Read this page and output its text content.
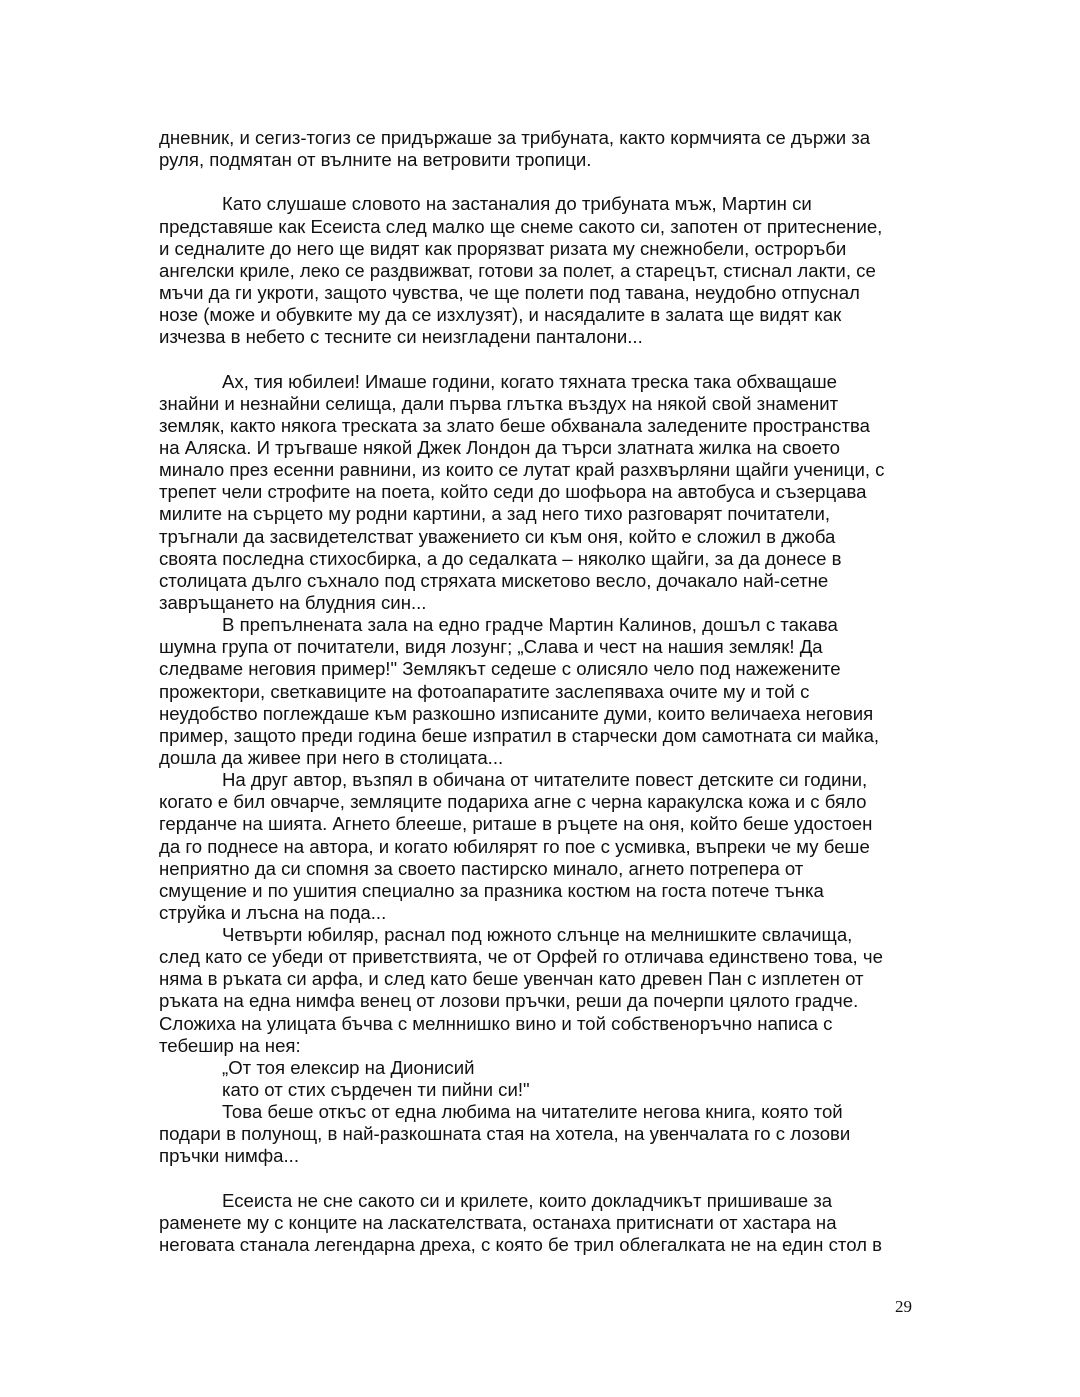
дневник, и сегиз-тогиз се придържаше за трибуната, както кормчията се държи за
руля, подмятан от вълните на ветровити тропици.
Като слушаше словото на застаналия до трибуната мъж, Мартин си
представяше как Есеиста след малко ще снеме сакото си, запотен от притеснение,
и седналите до него ще видят как прорязват ризата му снежнобели, остроръби
ангелски криле, леко се раздвижват, готови за полет, а старецът, стиснал лакти, се
мъчи да ги укроти, защото чувства, че ще полети под тавана, неудобно отпуснал
нозе (може и обувките му да се изхлузят), и насядалите в залата ще видят как
изчезва в небето с тесните си неизгладени панталони...
Ах, тия юбилеи! Имаше години, когато тяхната треска така обхващаше
знайни и незнайни селища, дали първа глътка въздух на някой свой знаменит
земляк, както някога треската за злато беше обхванала заледените пространства
на Аляска. И тръгваше някой Джек Лондон да търси златната жилка на своето
минало през есенни равнини, из които се лутат край разхвърляни щайги ученици, с
трепет чели строфите на поета, който седи до шофьора на автобуса и съзерцава
милите на сърцето му родни картини, а зад него тихо разговарят почитатели,
тръгнали да засвидетелстват уважението си към оня, който е сложил в джоба
своята последна стихосбирка, а до седалката – няколко щайги, за да донесе в
столицата дълго съхнало под стряхата мискетово весло, дочакало най-сетне
завръщането на блудния син...
В препълнената зала на едно градче Мартин Калинов, дошъл с такава
шумна група от почитатели, видя лозунг; „Слава и чест на нашия земляк! Да
следваме неговия пример!" Землякът седеше с олисяло чело под нажежените
прожектори, светкавиците на фотоапаратите заслепяваха очите му и той с
неудобство поглеждаше към разкошно изписаните думи, които величаеха неговия
пример, защото преди година беше изпратил в старчески дом самотната си майка,
дошла да живее при него в столицата...
На друг автор, възпял в обичана от читателите повест детските си години,
когато е бил овчарче, земляците подариха агне с черна каракулска кожа и с бяло
герданче на шията. Агнето блееше, риташе в ръцете на оня, който беше удостоен
да го поднесе на автора, и когато юбилярят го пое с усмивка, въпреки че му беше
неприятно да си спомня за своето пастирско минало, агнето потрепера от
смущение и по ушития специално за празника костюм на госта потече тънка
струйка и лъсна на пода...
Четвърти юбиляр, раснал под южното слънце на мелнишките свлачища,
след като се убеди от приветствията, че от Орфей го отличава единствено това, че
няма в ръката си арфа, и след като беше увенчан като древен Пан с изплетен от
ръката на една нимфа венец от лозови пръчки, реши да почерпи цялото градче.
Сложиха на улицата бъчва с мелннишко вино и той собственоръчно написа с
тебешир на нея:
„От тоя елексир на Дионисий
като от стих сърдечен ти пийни си!"
Това беше откъс от една любима на читателите негова книга, която той
подари в полунощ, в най-разкошната стая на хотела, на увенчалата го с лозови
пръчки нимфа...
Есеиста не сне сакото си и крилете, които докладчикът пришиваше за
раменете му с конците на ласкателствата, останаха притиснати от хастара на
неговата станала легендарна дреха, с която бе трил облегалката не на един стол в
29
